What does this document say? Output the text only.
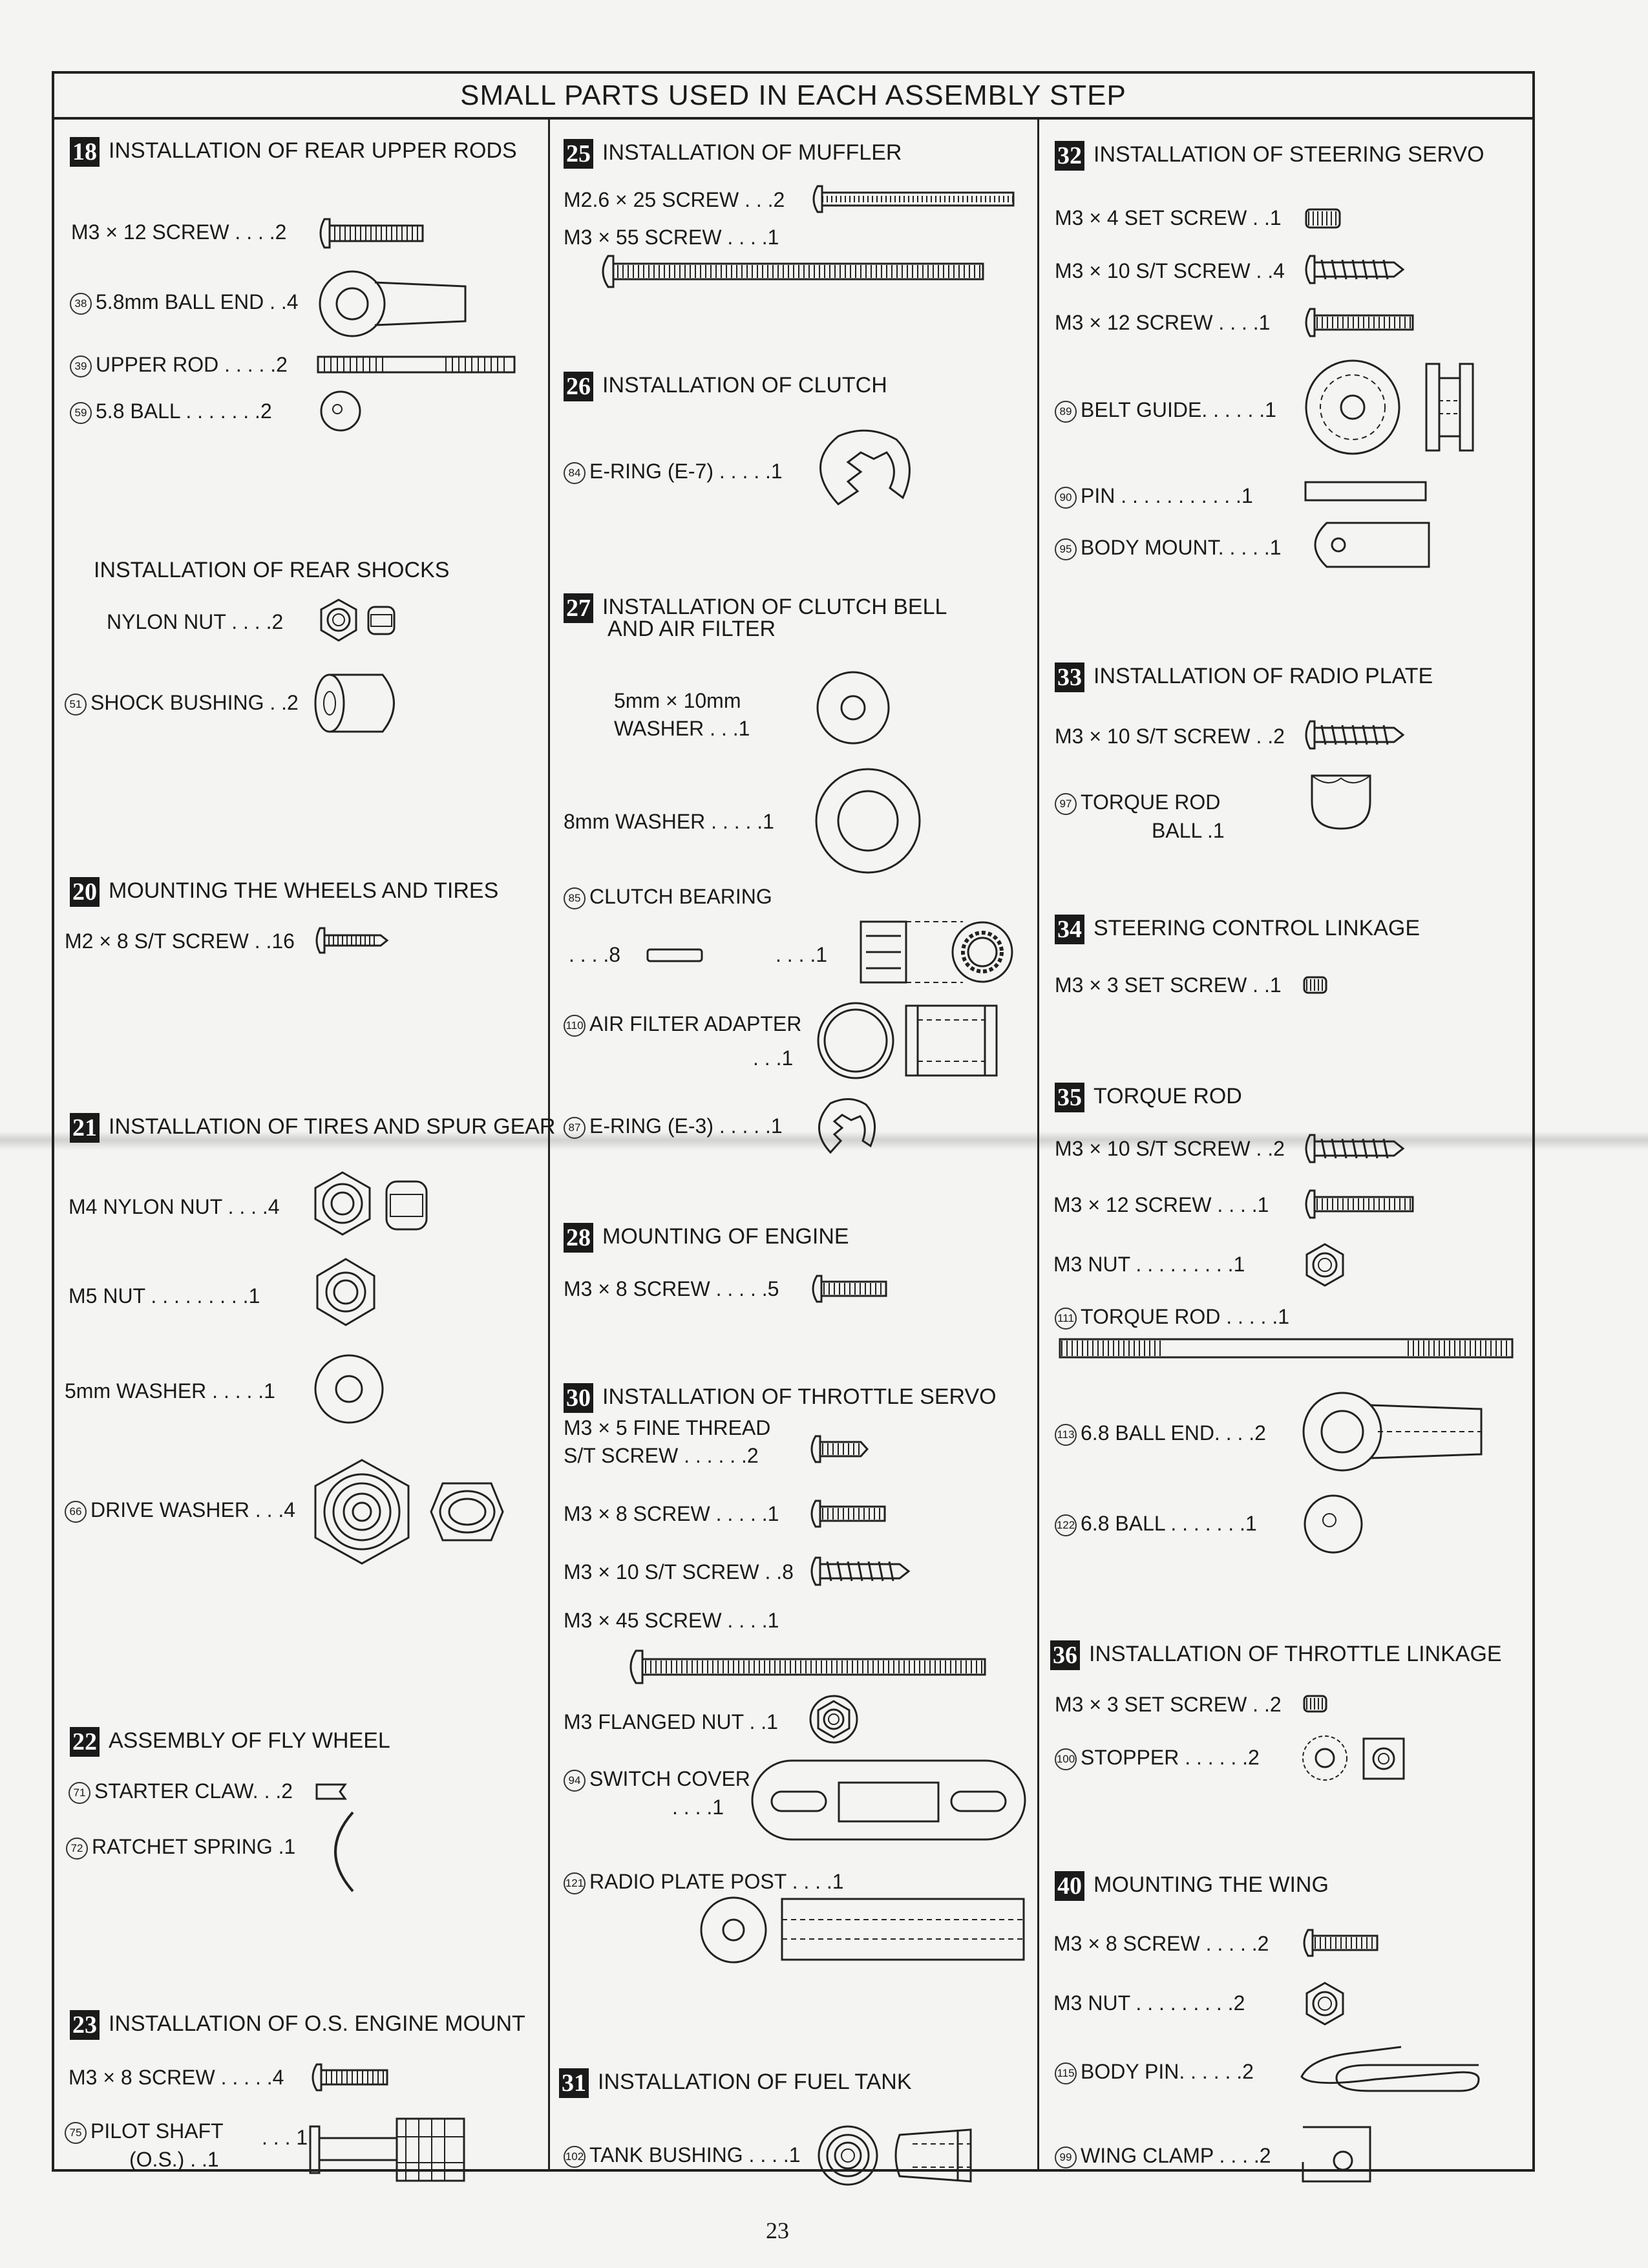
SMALL PARTS USED IN EACH ASSEMBLY STEP
18 INSTALLATION OF REAR UPPER RODS
M3 × 12 SCREW . . . .2
38 5.8mm BALL END . .4
39 UPPER ROD . . . . .2
59 5.8 BALL . . . . . . .2
INSTALLATION OF REAR SHOCKS
NYLON NUT . . . .2
51 SHOCK BUSHING . .2
20 MOUNTING THE WHEELS AND TIRES
M2 × 8 S/T SCREW . .16
21 INSTALLATION OF TIRES AND SPUR GEAR
M4 NYLON NUT . . . .4
M5 NUT . . . . . . . . .1
5mm WASHER . . . . .1
66 DRIVE WASHER . . .4
22 ASSEMBLY OF FLY WHEEL
71 STARTER CLAW. . .2
72 RATCHET SPRING .1
23 INSTALLATION OF O.S. ENGINE MOUNT
M3 × 8 SCREW . . . . .4
75 PILOT SHAFT
(O.S.) . .1
. . . 1
25 INSTALLATION OF MUFFLER
M2.6 × 25 SCREW . . .2
M3 × 55 SCREW . . . .1
26 INSTALLATION OF CLUTCH
84 E-RING (E-7) . . . . .1
27 INSTALLATION OF CLUTCH BELL
AND AIR FILTER
5mm × 10mm
WASHER . . .1
8mm WASHER . . . . .1
85 CLUTCH BEARING
. . . .8	. . . .1
110 AIR FILTER ADAPTER
. . .1
87 E-RING (E-3) . . . . .1
28 MOUNTING OF ENGINE
M3 × 8 SCREW . . . . .5
30 INSTALLATION OF THROTTLE SERVO
M3 × 5 FINE THREAD
S/T SCREW . . . . . .2
M3 × 8 SCREW . . . . .1
M3 × 10 S/T SCREW . .8
M3 × 45 SCREW . . . .1
M3 FLANGED NUT . .1
94 SWITCH COVER
. . . .1
121 RADIO PLATE POST . . . .1
31 INSTALLATION OF FUEL TANK
102 TANK BUSHING . . . .1
32 INSTALLATION OF STEERING SERVO
M3 × 4 SET SCREW . .1
M3 × 10 S/T SCREW . .4
M3 × 12 SCREW . . . .1
89 BELT GUIDE. . . . . .1
90 PIN . . . . . . . . . . .1
95 BODY MOUNT. . . . .1
33 INSTALLATION OF RADIO PLATE
M3 × 10 S/T SCREW . .2
97 TORQUE ROD
BALL .1
34 STEERING CONTROL LINKAGE
M3 × 3 SET SCREW . .1
35 TORQUE ROD
M3 × 10 S/T SCREW . .2
M3 × 12 SCREW . . . .1
M3 NUT . . . . . . . . .1
111 TORQUE ROD . . . . .1
113 6.8 BALL END. . . .2
122 6.8 BALL . . . . . . .1
36 INSTALLATION OF THROTTLE LINKAGE
M3 × 3 SET SCREW . .2
100 STOPPER . . . . . .2
40 MOUNTING THE WING
M3 × 8 SCREW . . . . .2
M3 NUT . . . . . . . . .2
115 BODY PIN. . . . . .2
99 WING CLAMP . . . .2
23
